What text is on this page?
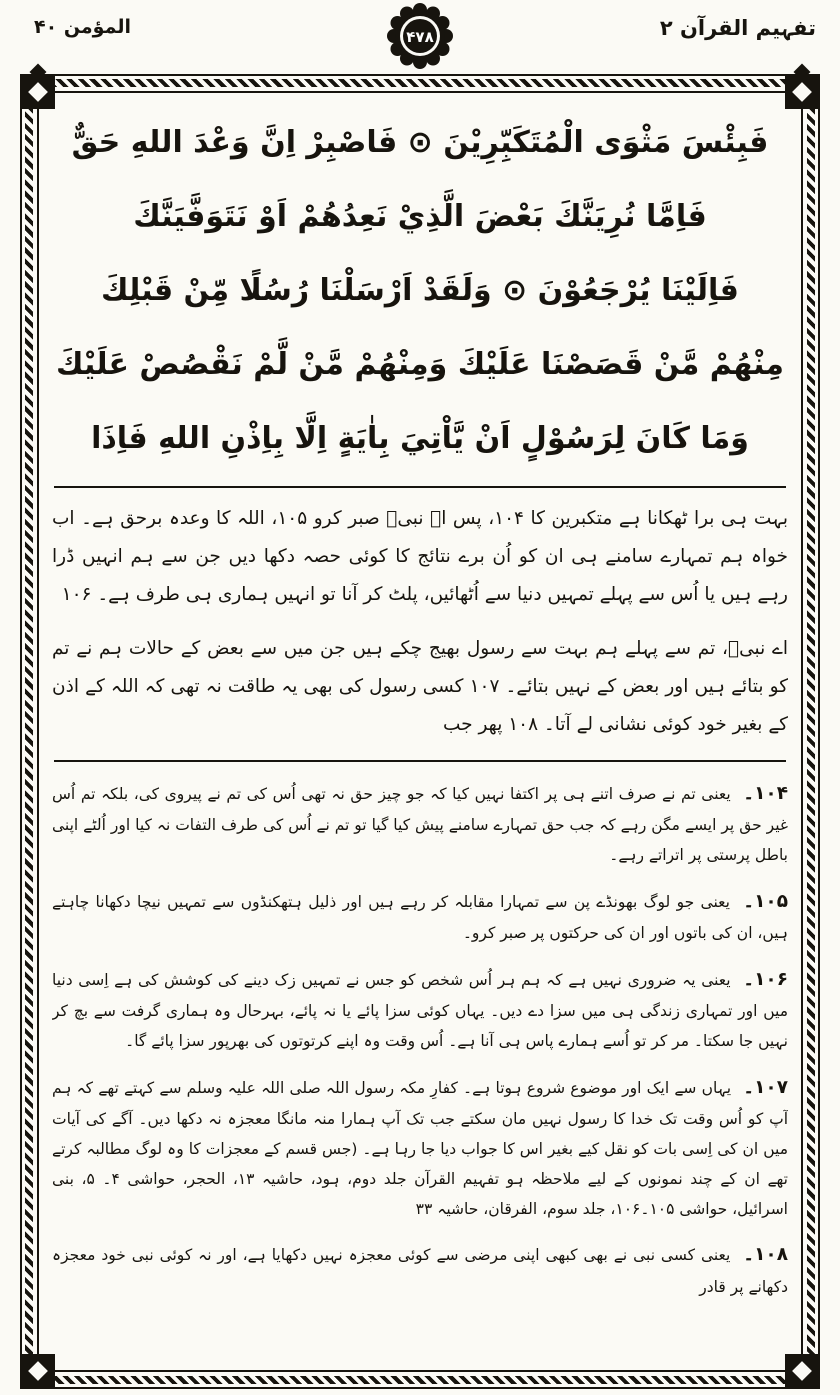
تفہیم القرآن ۲
المؤمن ۴۰	۴۷۸

فَبِئْسَ مَثْوَى الْمُتَكَبِّرِيْنَ ⊙ فَاصْبِرْ اِنَّ وَعْدَ اللهِ حَقٌّ

فَاِمَّا نُرِيَنَّكَ بَعْضَ الَّذِيْ نَعِدُهُمْ اَوْ نَتَوَفَّيَنَّكَ

فَاِلَيْنَا يُرْجَعُوْنَ ⊙ وَلَقَدْ اَرْسَلْنَا رُسُلًا مِّنْ قَبْلِكَ

مِنْهُمْ مَّنْ قَصَصْنَا عَلَيْكَ وَمِنْهُمْ مَّنْ لَّمْ نَقْصُصْ عَلَيْكَ

وَمَا كَانَ لِرَسُوْلٍ اَنْ يَّاْتِيَ بِاٰيَةٍ اِلَّا بِاِذْنِ اللهِ فَاِذَا

بہت ہی برا ٹھکانا ہے متکبرین کا ۱۰۴، پس اے نبیؐ صبر کرو ۱۰۵، اللہ کا وعدہ برحق ہے۔ اب خواہ ہم تمہارے سامنے ہی ان کو اُن برے نتائج کا کوئی حصہ دکھا دیں جن سے ہم انہیں ڈرا رہے ہیں یا اُس سے پہلے تمہیں دنیا سے اُٹھائیں، پلٹ کر آنا تو انہیں ہماری ہی طرف ہے۔ ۱۰۶

اے نبیؐ، تم سے پہلے ہم بہت سے رسول بھیج چکے ہیں جن میں سے بعض کے حالات ہم نے تم کو بتائے ہیں اور بعض کے نہیں بتائے۔ ۱۰۷ کسی رسول کی بھی یہ طاقت نہ تھی کہ اللہ کے اذن کے بغیر خود کوئی نشانی لے آتا۔ ۱۰۸ پھر جب

۱۰۴۔ یعنی تم نے صرف اتنے ہی پر اکتفا نہیں کیا کہ جو چیز حق نہ تھی اُس کی تم نے پیروی کی، بلکہ تم اُس غیر حق پر ایسے مگن رہے کہ جب حق تمہارے سامنے پیش کیا گیا تو تم نے اُس کی طرف التفات نہ کیا اور اُلٹے اپنی باطل پرستی پر اتراتے رہے۔

۱۰۵۔ یعنی جو لوگ بھونڈے پن سے تمہارا مقابلہ کر رہے ہیں اور ذلیل ہتھکنڈوں سے تمہیں نیچا دکھانا چاہتے ہیں، ان کی باتوں اور ان کی حرکتوں پر صبر کرو۔

۱۰۶۔ یعنی یہ ضروری نہیں ہے کہ ہم ہر اُس شخص کو جس نے تمہیں زک دینے کی کوشش کی ہے اِسی دنیا میں اور تمہاری زندگی ہی میں سزا دے دیں۔ یہاں کوئی سزا پائے یا نہ پائے، بہرحال وہ ہماری گرفت سے بچ کر نہیں جا سکتا۔ مر کر تو اُسے ہمارے پاس ہی آنا ہے۔ اُس وقت وہ اپنے کرتوتوں کی بھرپور سزا پائے گا۔

۱۰۷۔ یہاں سے ایک اور موضوع شروع ہوتا ہے۔ کفارِ مکہ رسول اللہ صلی اللہ علیہ وسلم سے کہتے تھے کہ ہم آپ کو اُس وقت تک خدا کا رسول نہیں مان سکتے جب تک آپ ہمارا منہ مانگا معجزہ نہ دکھا دیں۔ آگے کی آیات میں ان کی اِسی بات کو نقل کیے بغیر اس کا جواب دیا جا رہا ہے۔ (جس قسم کے معجزات کا وہ لوگ مطالبہ کرتے تھے ان کے چند نمونوں کے لیے ملاحظہ ہو تفہیم القرآن جلد دوم، ہود، حاشیہ ۱۳، الحجر، حواشی ۴۔ ۵، بنی اسرائیل، حواشی ۱۰۵۔۱۰۶، جلد سوم، الفرقان، حاشیہ ۳۳

۱۰۸۔ یعنی کسی نبی نے بھی کبھی اپنی مرضی سے کوئی معجزہ نہیں دکھایا ہے، اور نہ کوئی نبی خود معجزہ دکھانے پر قادر
